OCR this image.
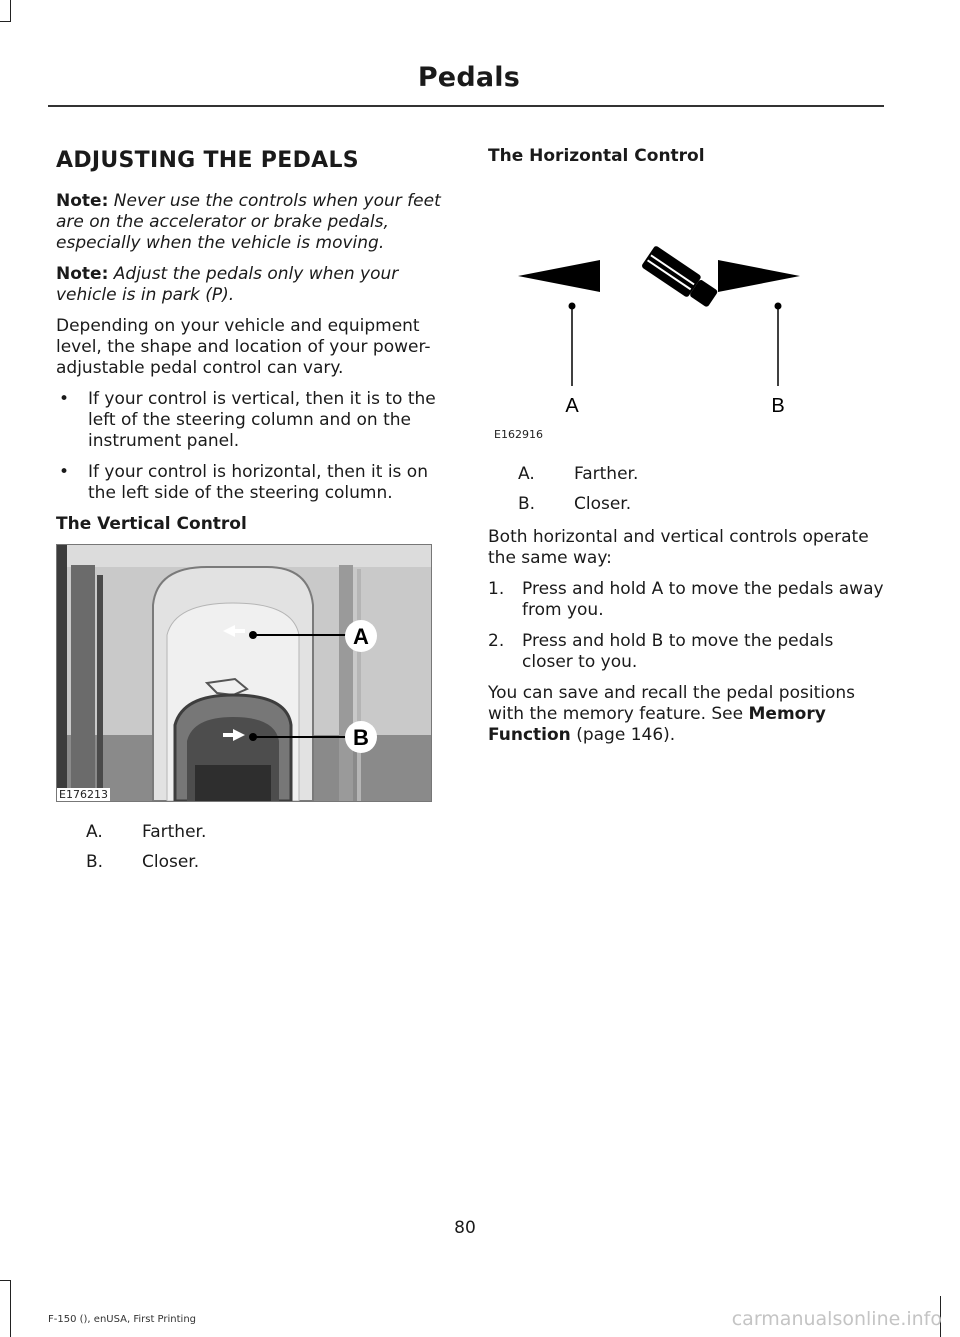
Pedals
ADJUSTING THE PEDALS

Note: Never use the controls when your feet are on the accelerator or brake pedals, especially when the vehicle is moving.

Note: Adjust the pedals only when your vehicle is in park (P).

Depending on your vehicle and equipment level, the shape and location of your power-adjustable pedal control can vary.

• If your control is vertical, then it is to the left of the steering column and on the instrument panel.
• If your control is horizontal, then it is on the left side of the steering column.
The Vertical Control
A
B
E176213
A.	Farther.
B.	Closer.
The Horizontal Control
A	B
E162916
A.	Farther.
B.	Closer.

Both horizontal and vertical controls operate the same way:

1. Press and hold A to move the pedals away from you.
2. Press and hold B to move the pedals closer to you.

You can save and recall the pedal positions with the memory feature. See Memory Function (page 146).

80
F-150 (), enUSA, First Printing	carmanualsonline.info
